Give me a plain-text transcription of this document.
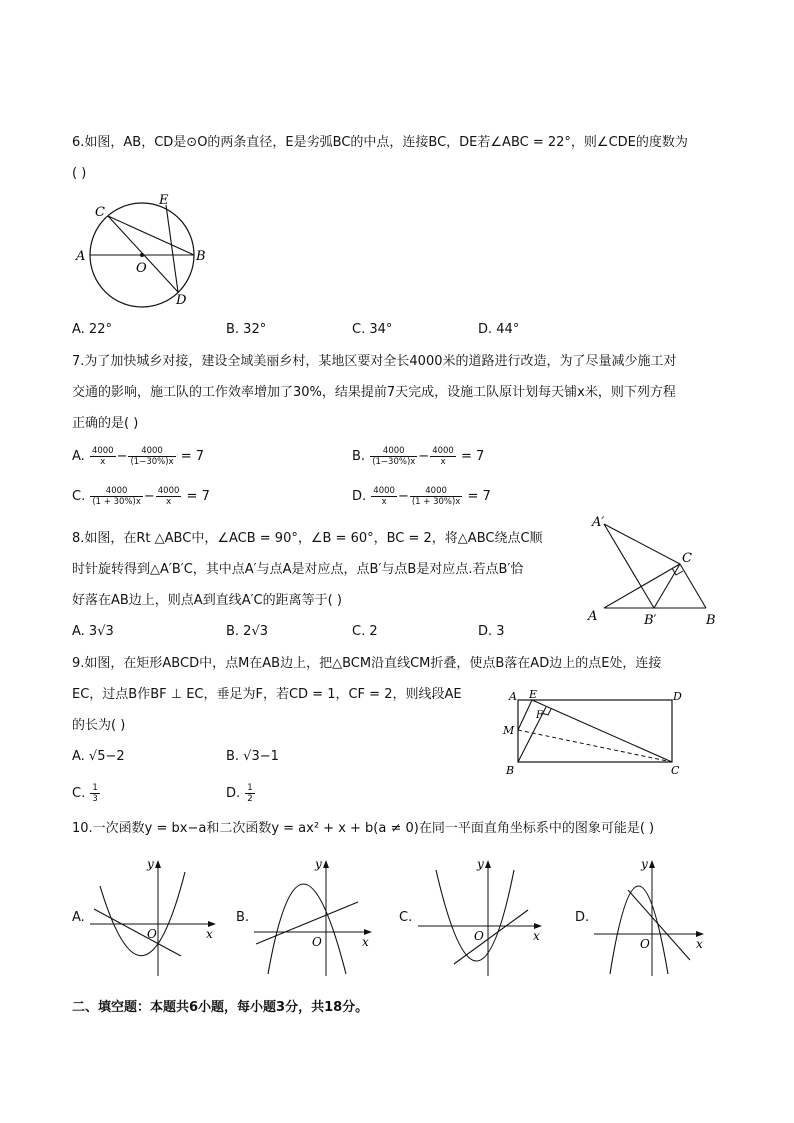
6.如图，AB，CD是⊙O的两条直径，E是劣弧BC的中点，连接BC，DE若∠ABC = 22°，则∠CDE的度数为
( )
A	B
C
D
E
O
A. 22°	B. 32°	C. 34°	D. 44°
7.为了加快城乡对接，建设全域美丽乡村，某地区要对全长4000米的道路进行改造，为了尽量减少施工对
交通的影响，施工队的工作效率增加了30%，结果提前7天完成，设施工队原计划每天铺x米，则下列方程
正确的是( )
A. $\frac{4000}{x} - \frac{4000}{(1-30\%)x} = 7$	B. $\frac{4000}{(1-30\%)x} - \frac{4000}{x} = 7$
C. $\frac{4000}{(1 + 30\%)x} - \frac{4000}{x} = 7$	D. $\frac{4000}{x} - \frac{4000}{(1 + 30\%)x} = 7$
8.如图，在Rt △ABC中，∠ACB = 90°，∠B = 60°，BC = 2，将△ABC绕点C顺
时针旋转得到△A′B′C，其中点A′与点A是对应点，点B′与点B是对应点.若点B′恰
好落在AB边上，则点A到直线A′C的距离等于( )
A′
C
A	B′	B
A. 3√3	B. 2√3	C. 2	D. 3
9.如图，在矩形ABCD中，点M在AB边上，把△BCM沿直线CM折叠，使点B落在AD边上的点E处，连接
EC，过点B作BF ⊥ EC，垂足为F，若CD = 1，CF = 2，则线段AE
的长为( )
A E	D
F
M
B	C
A. √5−2	B. √3−1
C. $\frac{1}{3}$	D. $\frac{1}{2}$
10.一次函数y = bx−a和二次函数y = ax² + x + b(a ≠ 0)在同一平面直角坐标系中的图象可能是( )
A.
y
x
O
B.
y
x
O
C.
y
x
O
D.
y
x
O
二、填空题：本题共6小题，每小题3分，共18分。
